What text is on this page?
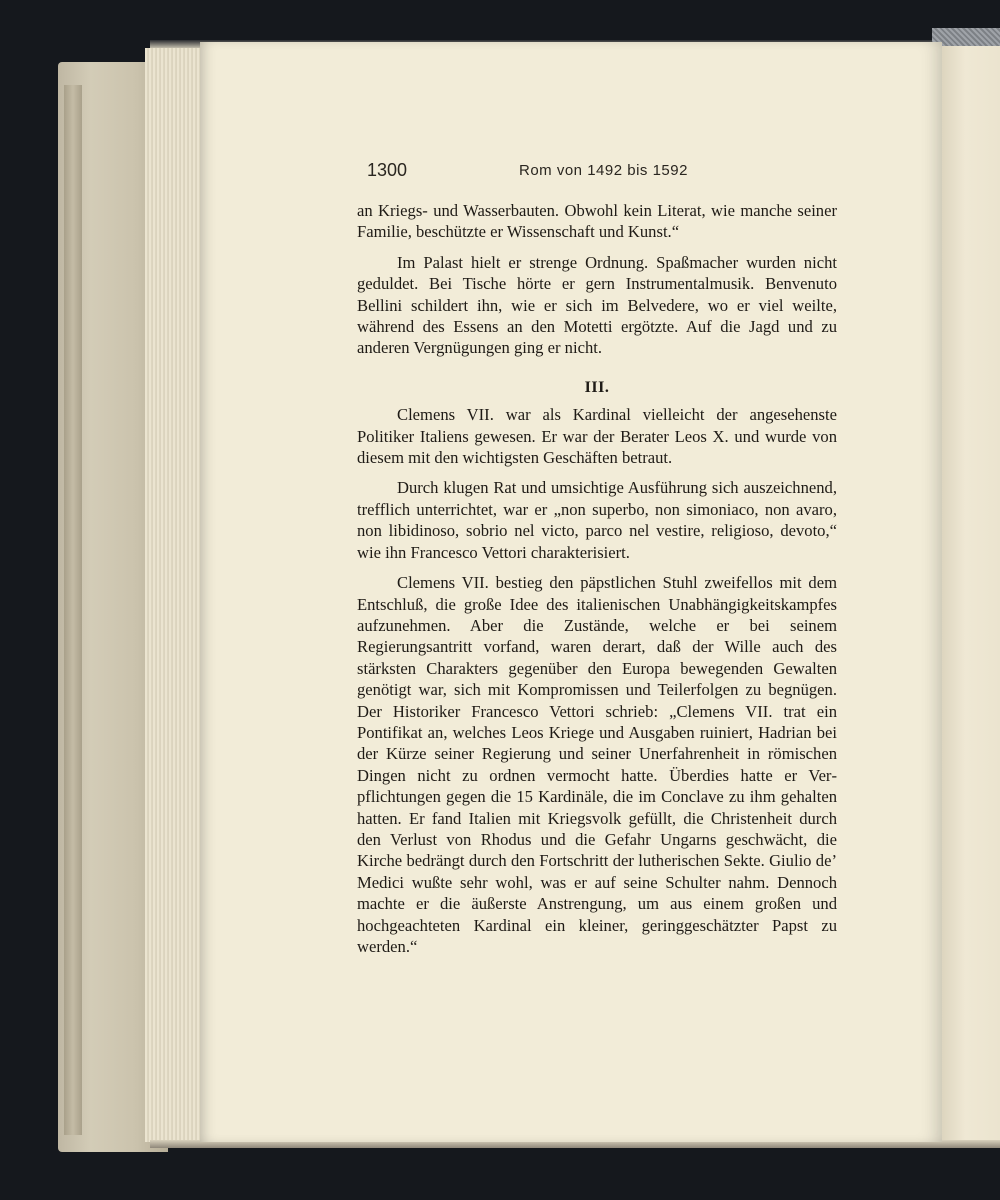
1300	Rom von 1492 bis 1592

an Kriegs- und Wasserbauten. Obwohl kein Literat, wie manche seiner Familie, beschützte er Wissenschaft und Kunst.“

Im Palast hielt er strenge Ordnung. Spaßmacher wurden nicht geduldet. Bei Tische hörte er gern Instrumentalmusik. Benvenuto Bellini schildert ihn, wie er sich im Belvedere, wo er viel weilte, während des Essens an den Motetti ergötzte. Auf die Jagd und zu anderen Vergnügungen ging er nicht.

III.

Clemens VII. war als Kardinal vielleicht der angesehenste Politiker Italiens gewesen. Er war der Berater Leos X. und wurde von diesem mit den wichtigsten Geschäften betraut.

Durch klugen Rat und umsichtige Ausführung sich auszeichnend, trefflich unterrichtet, war er „non superbo, non simoniaco, non avaro, non libidinoso, sobrio nel victo, parco nel vestire, religioso, devoto,“ wie ihn Francesco Vettori charakterisiert.

Clemens VII. bestieg den päpstlichen Stuhl zweifellos mit dem Entschluß, die große Idee des italienischen Unabhängigkeitskampfes aufzunehmen. Aber die Zustände, welche er bei seinem Regierungsantritt vorfand, waren derart, daß der Wille auch des stärksten Charakters gegenüber den Europa bewegenden Gewalten genötigt war, sich mit Kompromissen und Teilerfolgen zu begnügen. Der Historiker Francesco Vettori schrieb: „Clemens VII. trat ein Pontifikat an, welches Leos Kriege und Ausgaben ruiniert, Hadrian bei der Kürze seiner Regierung und seiner Unerfahrenheit in römischen Dingen nicht zu ordnen vermocht hatte. Überdies hatte er Verpflichtungen gegen die 15 Kardinäle, die im Conclave zu ihm gehalten hatten. Er fand Italien mit Kriegsvolk gefüllt, die Christenheit durch den Verlust von Rhodus und die Gefahr Ungarns geschwächt, die Kirche bedrängt durch den Fortschritt der lutherischen Sekte. Giulio de’ Medici wußte sehr wohl, was er auf seine Schulter nahm. Dennoch machte er die äußerste Anstrengung, um aus einem großen und hochgeachteten Kardinal ein kleiner, geringgeschätzter Papst zu werden.“
